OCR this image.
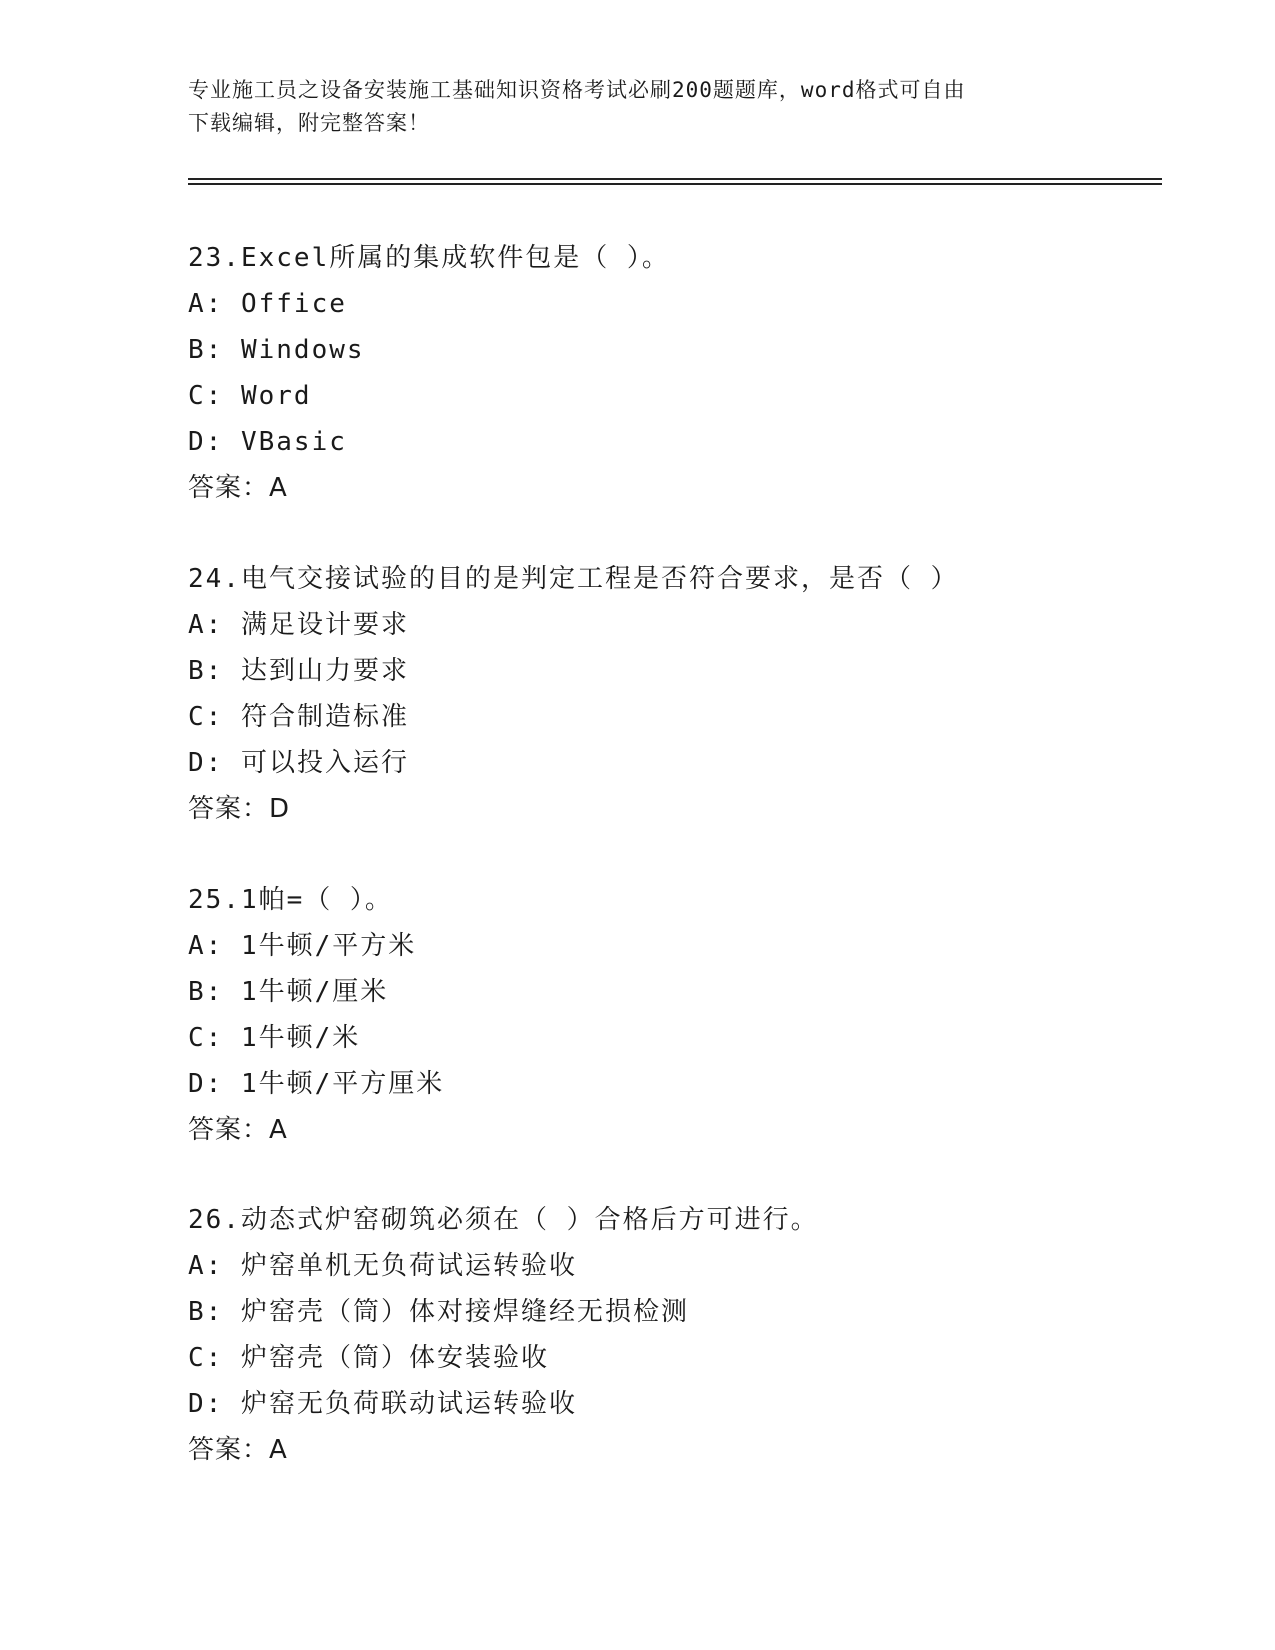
专业施工员之设备安装施工基础知识资格考试必刷200题题库，word格式可自由
下载编辑，附完整答案！
23.Excel所属的集成软件包是（ ）。
A: Office
B: Windows
C: Word
D: VBasic
答案：A
24.电气交接试验的目的是判定工程是否符合要求，是否（ ）
A: 满足设计要求
B: 达到山力要求
C: 符合制造标准
D: 可以投入运行
答案：D
25.1帕=（ ）。
A: 1牛顿/平方米
B: 1牛顿/厘米
C: 1牛顿/米
D: 1牛顿/平方厘米
答案：A
26.动态式炉窑砌筑必须在（ ）合格后方可进行。
A: 炉窑单机无负荷试运转验收
B: 炉窑壳（筒）体对接焊缝经无损检测
C: 炉窑壳（筒）体安装验收
D: 炉窑无负荷联动试运转验收
答案：A
